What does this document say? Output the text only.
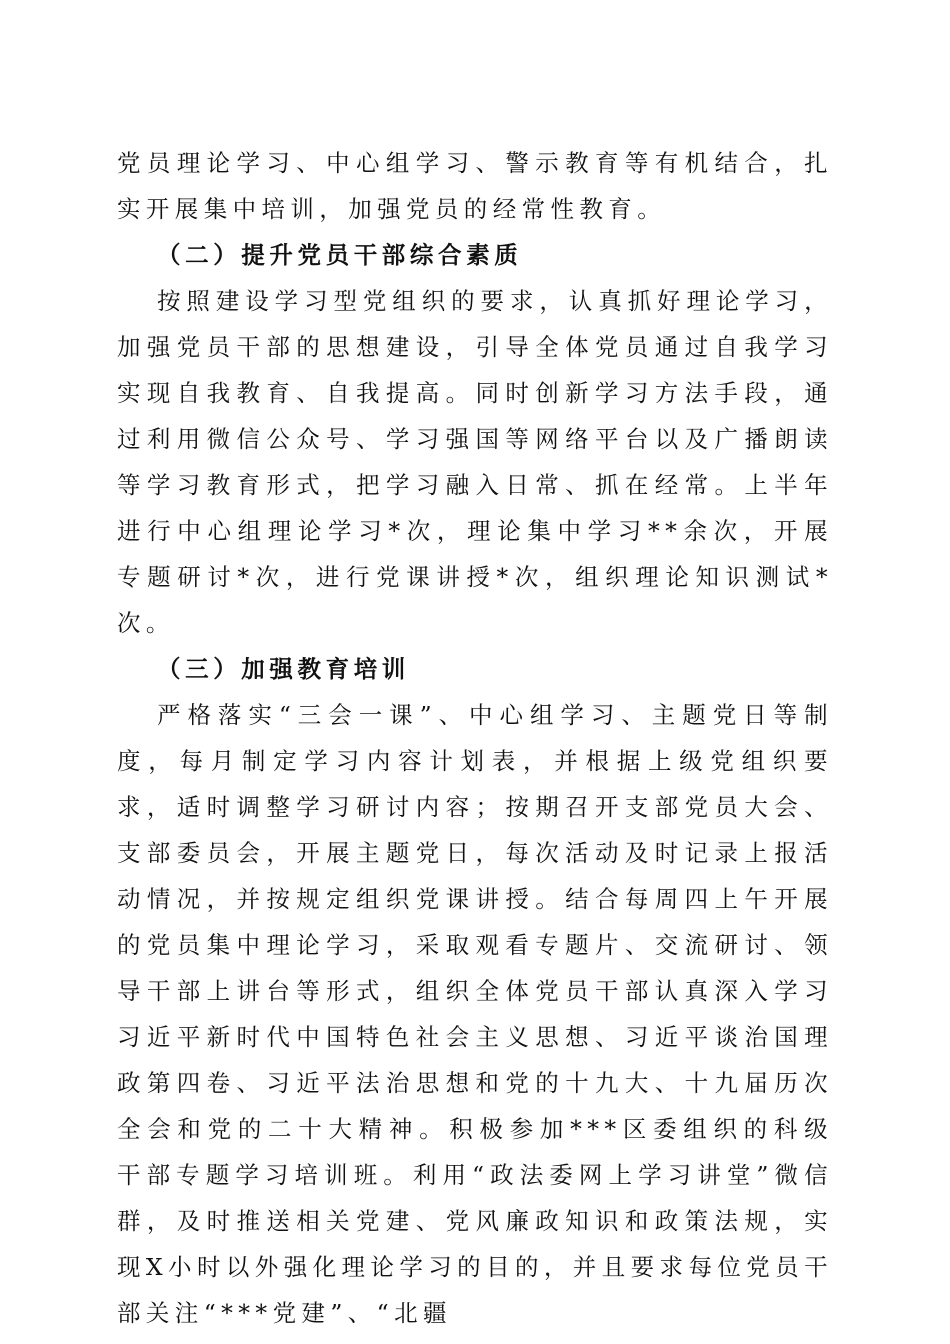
党员理论学习、中心组学习、警示教育等有机结合，扎实开展集中培训，加强党员的经常性教育。

（二）提升党员干部综合素质

按照建设学习型党组织的要求，认真抓好理论学习，加强党员干部的思想建设，引导全体党员通过自我学习实现自我教育、自我提高。同时创新学习方法手段，通过利用微信公众号、学习强国等网络平台以及广播朗读等学习教育形式，把学习融入日常、抓在经常。上半年进行中心组理论学习*次，理论集中学习**余次，开展专题研讨*次，进行党课讲授*次，组织理论知识测试*次。

（三）加强教育培训

严格落实“三会一课”、中心组学习、主题党日等制度，每月制定学习内容计划表，并根据上级党组织要求，适时调整学习研讨内容；按期召开支部党员大会、支部委员会，开展主题党日，每次活动及时记录上报活动情况，并按规定组织党课讲授。结合每周四上午开展的党员集中理论学习，采取观看专题片、交流研讨、领导干部上讲台等形式，组织全体党员干部认真深入学习习近平新时代中国特色社会主义思想、习近平谈治国理政第四卷、习近平法治思想和党的十九大、十九届历次全会和党的二十大精神。积极参加***区委组织的科级干部专题学习培训班。利用“政法委网上学习讲堂”微信群，及时推送相关党建、党风廉政知识和政策法规，实现X小时以外强化理论学习的目的，并且要求每位党员干部关注“***党建”、“北疆
